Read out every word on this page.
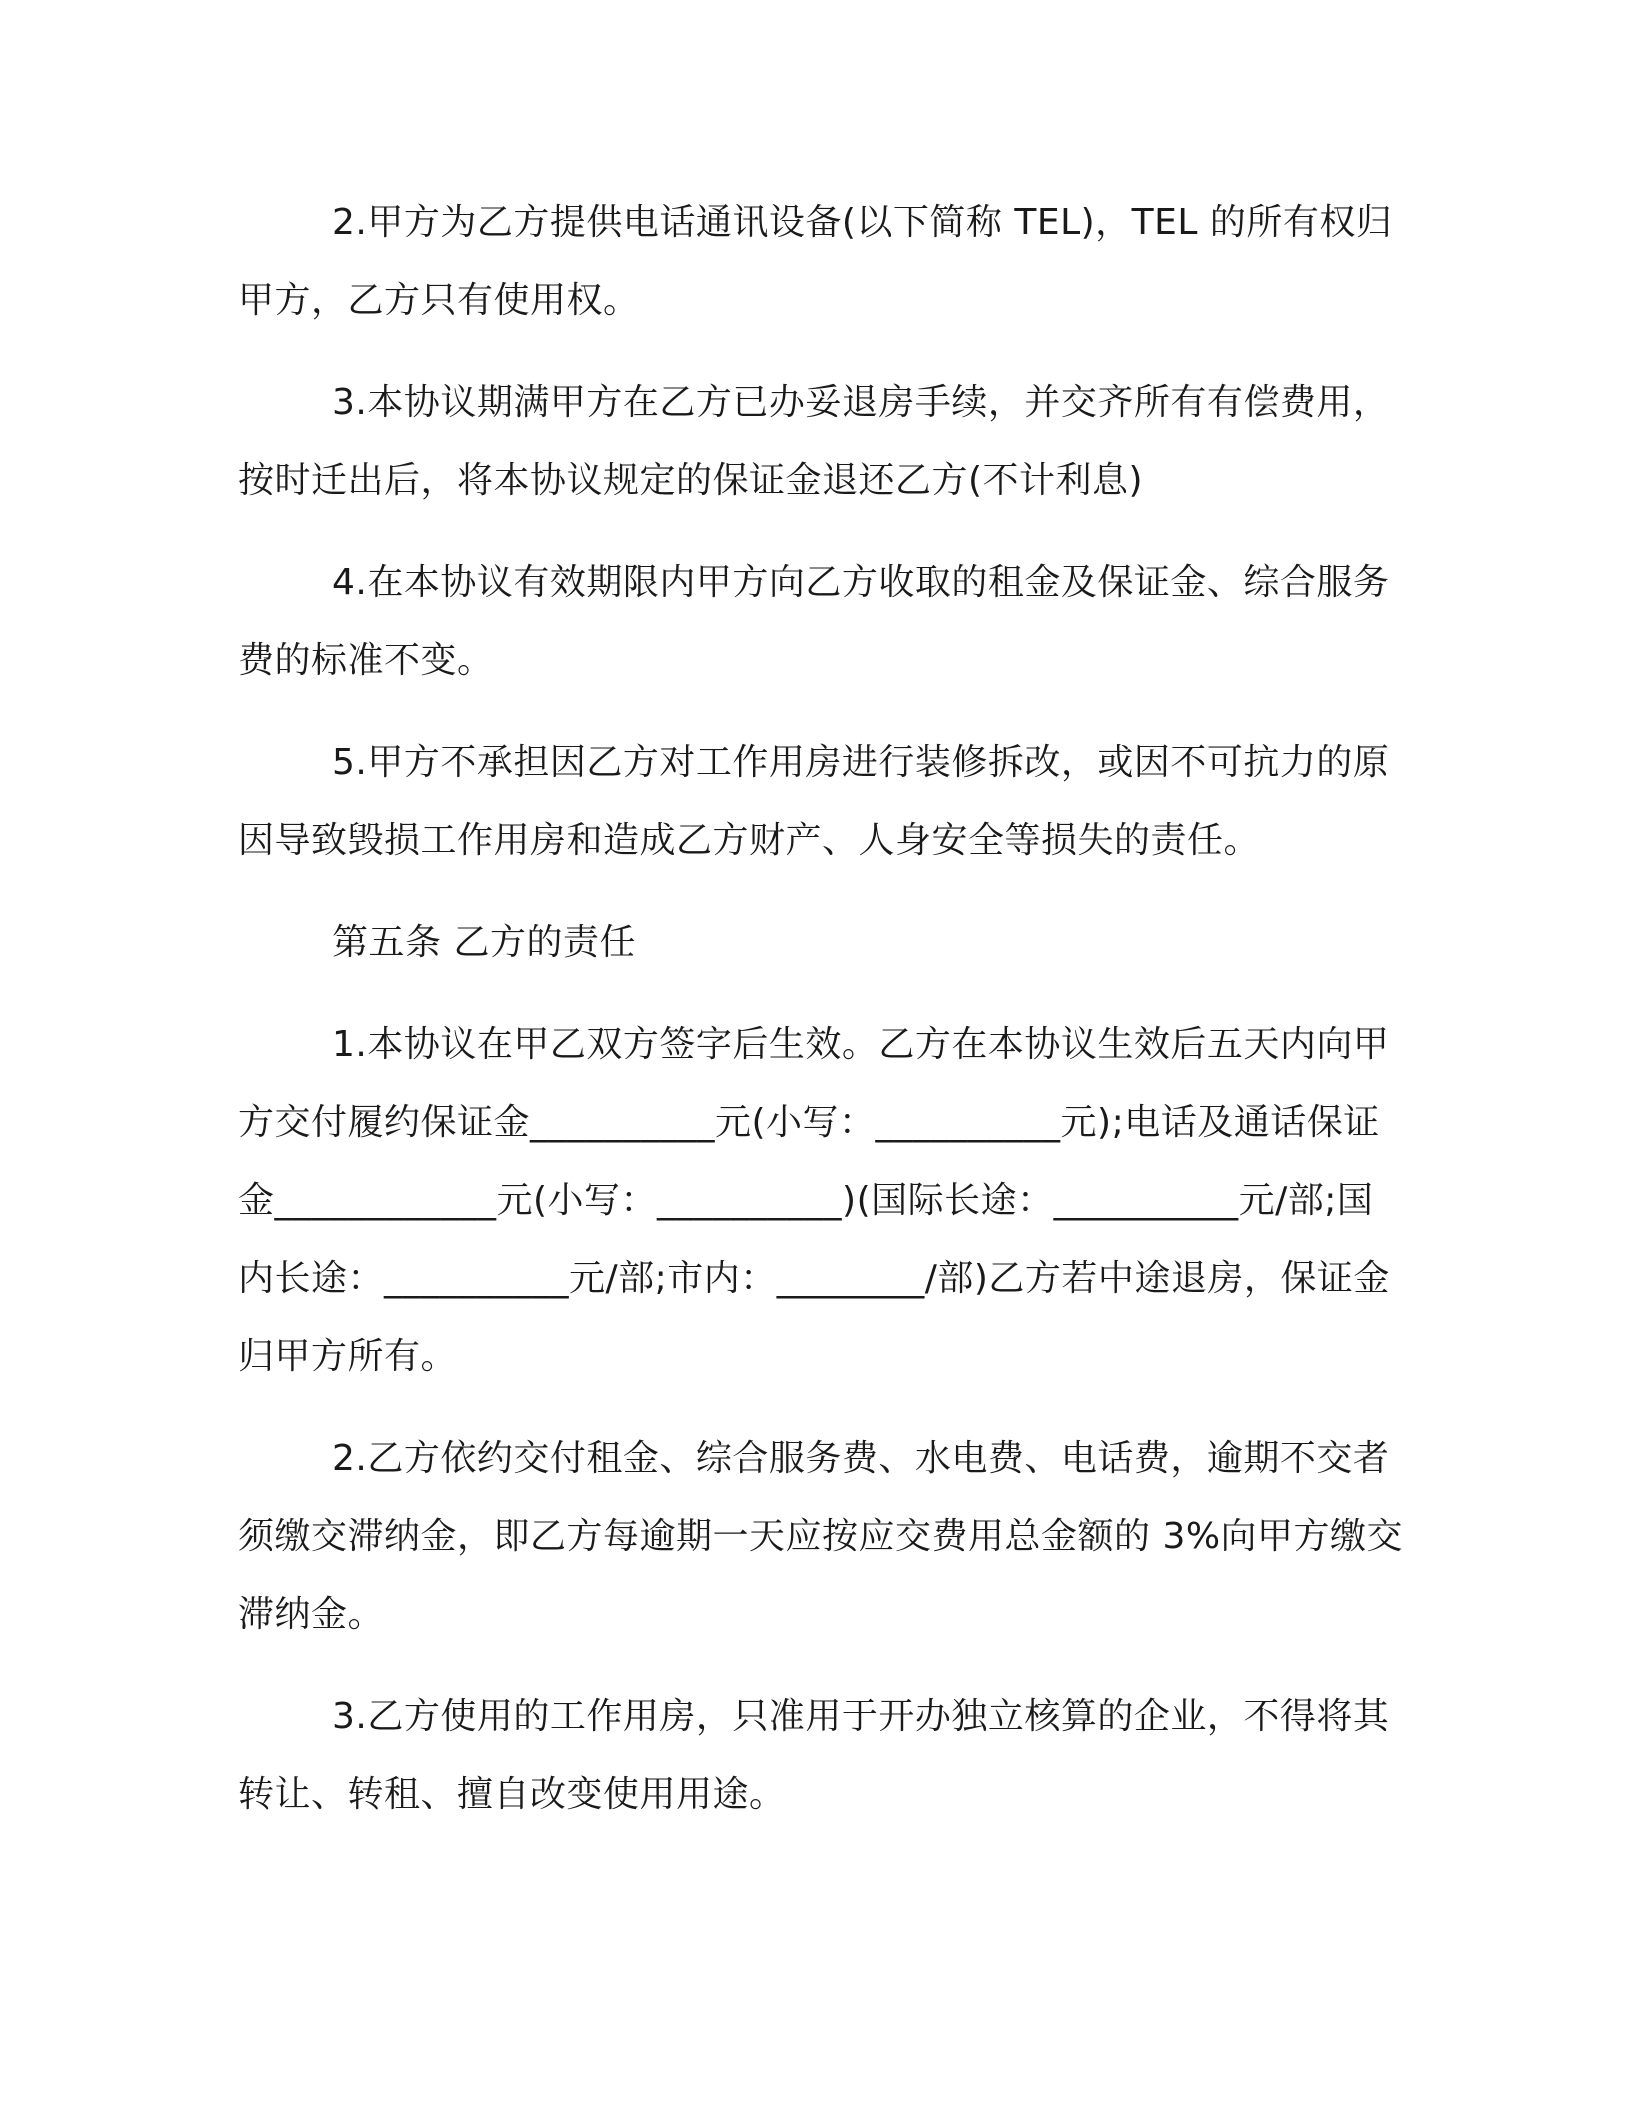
2.甲方为乙方提供电话通讯设备(以下简称 TEL)，TEL 的所有权归甲方，乙方只有使用权。

3.本协议期满甲方在乙方已办妥退房手续，并交齐所有有偿费用，按时迁出后，将本协议规定的保证金退还乙方(不计利息)

4.在本协议有效期限内甲方向乙方收取的租金及保证金、综合服务费的标准不变。

5.甲方不承担因乙方对工作用房进行装修拆改，或因不可抗力的原因导致毁损工作用房和造成乙方财产、人身安全等损失的责任。

第五条 乙方的责任

1.本协议在甲乙双方签字后生效。乙方在本协议生效后五天内向甲方交付履约保证金__________元(小写：__________元);电话及通话保证金____________元(小写：__________)(国际长途：__________元/部;国内长途：__________元/部;市内：________/部)乙方若中途退房，保证金归甲方所有。

2.乙方依约交付租金、综合服务费、水电费、电话费，逾期不交者须缴交滞纳金，即乙方每逾期一天应按应交费用总金额的 3%向甲方缴交滞纳金。

3.乙方使用的工作用房，只准用于开办独立核算的企业，不得将其转让、转租、擅自改变使用用途。
